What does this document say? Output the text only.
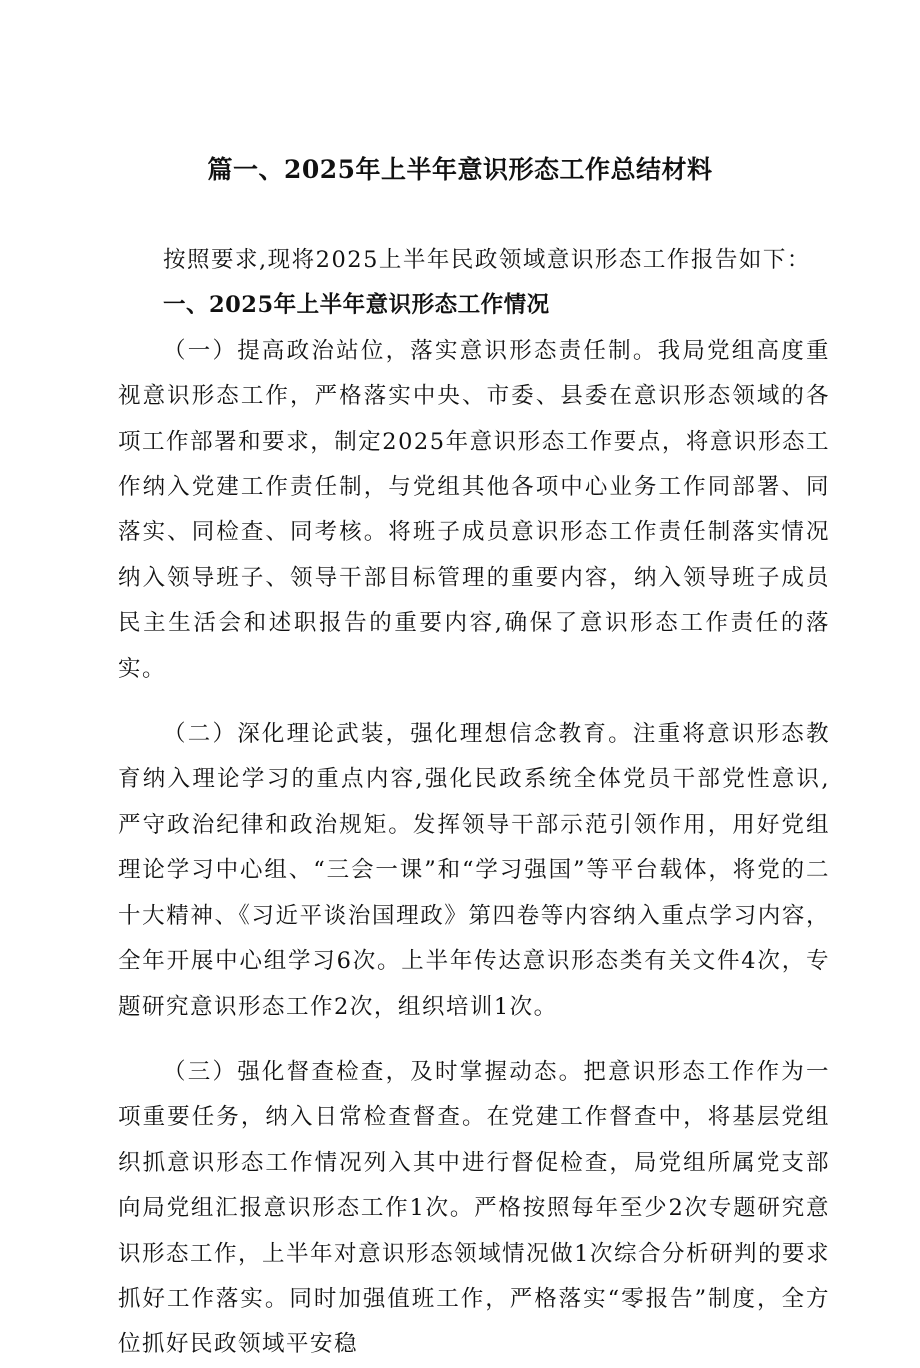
篇一、2025年上半年意识形态工作总结材料

按照要求,现将2025上半年民政领域意识形态工作报告如下：

一、2025年上半年意识形态工作情况

（一）提高政治站位，落实意识形态责任制。我局党组高度重视意识形态工作，严格落实中央、市委、县委在意识形态领域的各项工作部署和要求，制定2025年意识形态工作要点，将意识形态工作纳入党建工作责任制，与党组其他各项中心业务工作同部署、同落实、同检查、同考核。将班子成员意识形态工作责任制落实情况纳入领导班子、领导干部目标管理的重要内容，纳入领导班子成员民主生活会和述职报告的重要内容,确保了意识形态工作责任的落实。

（二）深化理论武装，强化理想信念教育。注重将意识形态教育纳入理论学习的重点内容,强化民政系统全体党员干部党性意识,严守政治纪律和政治规矩。发挥领导干部示范引领作用，用好党组理论学习中心组、“三会一课”和“学习强国”等平台载体，将党的二十大精神、《习近平谈治国理政》第四卷等内容纳入重点学习内容，全年开展中心组学习6次。上半年传达意识形态类有关文件4次，专题研究意识形态工作2次，组织培训1次。

（三）强化督查检查，及时掌握动态。把意识形态工作作为一项重要任务，纳入日常检查督查。在党建工作督查中，将基层党组织抓意识形态工作情况列入其中进行督促检查，局党组所属党支部向局党组汇报意识形态工作1次。严格按照每年至少2次专题研究意识形态工作，上半年对意识形态领域情况做1次综合分析研判的要求抓好工作落实。同时加强值班工作，严格落实“零报告”制度，全方位抓好民政领域平安稳
